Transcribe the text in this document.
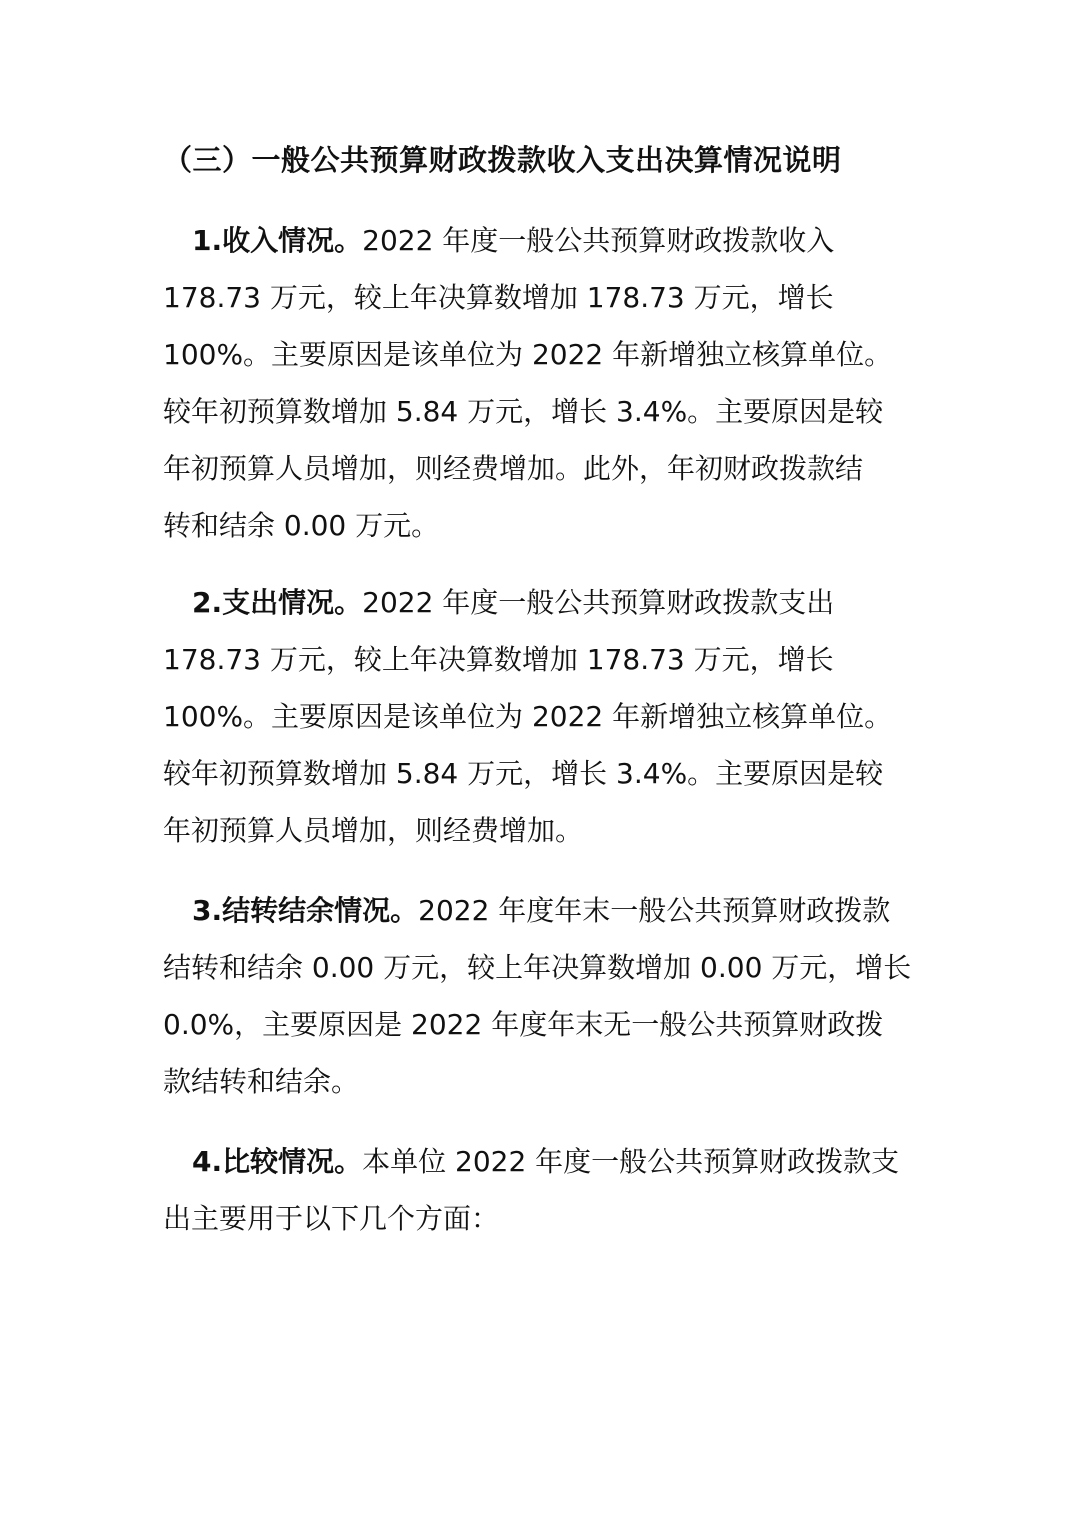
（三）一般公共预算财政拨款收入支出决算情况说明
1.收入情况。2022 年度一般公共预算财政拨款收入
178.73 万元，较上年决算数增加 178.73 万元，增长
100%。主要原因是该单位为 2022 年新增独立核算单位。
较年初预算数增加 5.84 万元，增长 3.4%。主要原因是较
年初预算人员增加，则经费增加。此外，年初财政拨款结
转和结余 0.00 万元。
2.支出情况。2022 年度一般公共预算财政拨款支出
178.73 万元，较上年决算数增加 178.73 万元，增长
100%。主要原因是该单位为 2022 年新增独立核算单位。
较年初预算数增加 5.84 万元，增长 3.4%。主要原因是较
年初预算人员增加，则经费增加。
3.结转结余情况。2022 年度年末一般公共预算财政拨款
结转和结余 0.00 万元，较上年决算数增加 0.00 万元，增长
0.0%，主要原因是 2022 年度年末无一般公共预算财政拨
款结转和结余。
4.比较情况。本单位 2022 年度一般公共预算财政拨款支
出主要用于以下几个方面：
